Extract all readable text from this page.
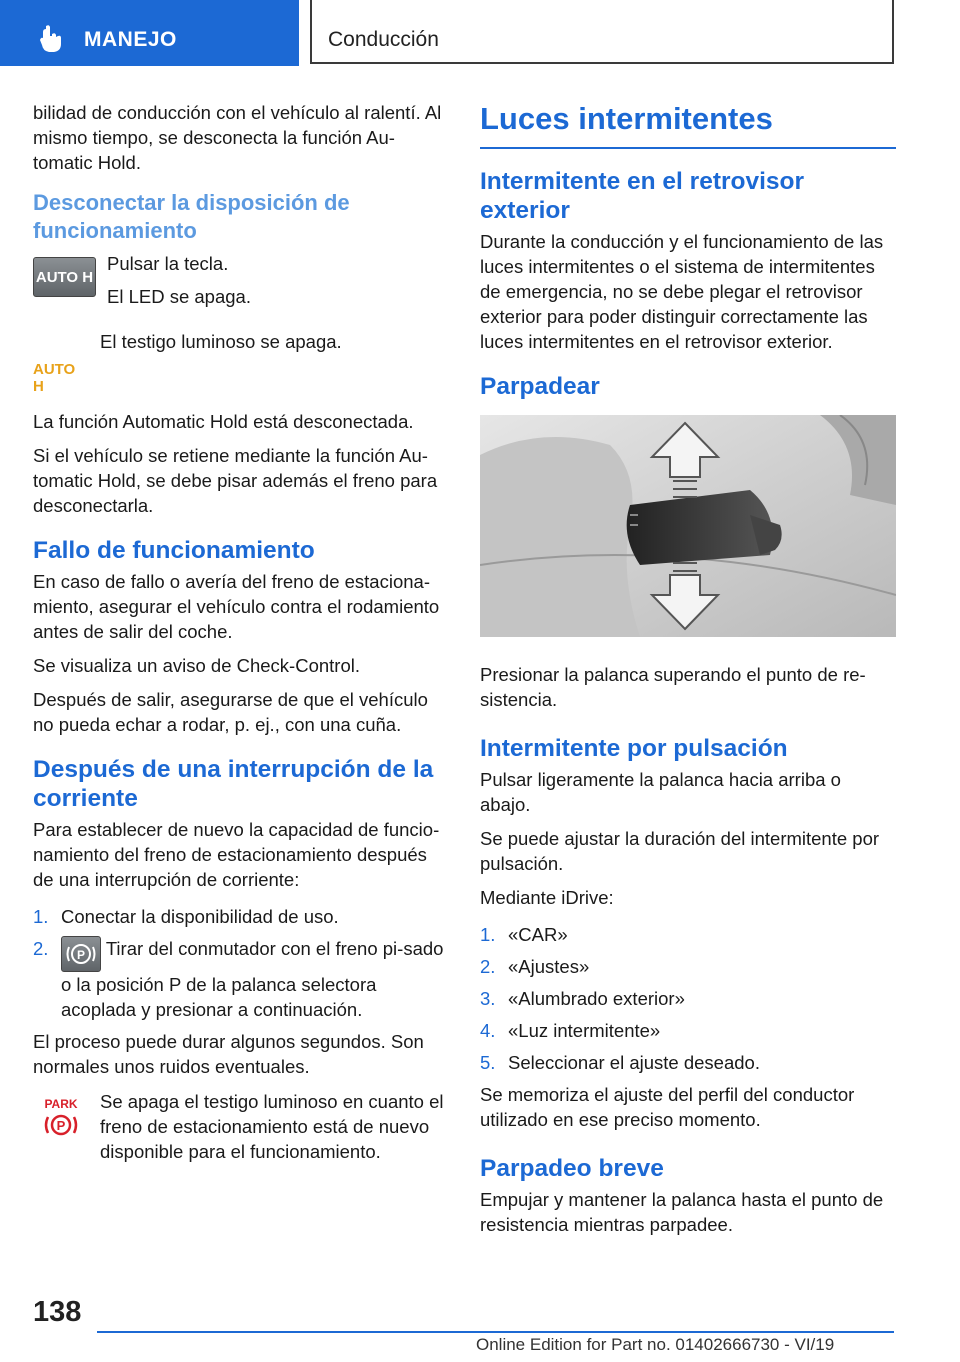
MANEJO	Conducción

bilidad de conducción con el vehículo al ralentí. Al mismo tiempo, se desconecta la función Au‐tomatic Hold.

Desconectar la disposición de funcionamiento
AUTO H

Pulsar la tecla.

El LED se apaga.

AUTO H

El testigo luminoso se apaga.

La función Automatic Hold está desconectada.

Si el vehículo se retiene mediante la función Au‐tomatic Hold, se debe pisar además el freno para desconectarla.

Fallo de funcionamiento

En caso de fallo o avería del freno de estaciona‐miento, asegurar el vehículo contra el rodamiento antes de salir del coche.

Se visualiza un aviso de Check-Control.

Después de salir, asegurarse de que el vehículo no pueda echar a rodar, p. ej., con una cuña.

Después de una interrupción de la corriente

Para establecer de nuevo la capacidad de funcio‐namiento del freno de estacionamiento después de una interrupción de corriente:

1. Conectar la disponibilidad de uso.
2.	P Tirar del conmutador con el freno pi‐sado o la posición P de la palanca selectora acoplada y presionar a continuación.

El proceso puede durar algunos segundos. Son normales unos ruidos eventuales.

PARK
P

Se apaga el testigo luminoso en cuanto el freno de estacionamiento está de nuevo disponible para el funcionamiento.

Luces intermitentes
Intermitente en el retrovisor exterior

Durante la conducción y el funcionamiento de las luces intermitentes o el sistema de intermitentes de emergencia, no se debe plegar el retrovisor exterior para poder distinguir correctamente las luces intermitentes en el retrovisor exterior.

Parpadear

Presionar la palanca superando el punto de re‐sistencia.

Intermitente por pulsación

Pulsar ligeramente la palanca hacia arriba o abajo.

Se puede ajustar la duración del intermitente por pulsación.

Mediante iDrive:

1. «CAR»
2. «Ajustes»
3. «Alumbrado exterior»
4. «Luz intermitente»
5. Seleccionar el ajuste deseado.

Se memoriza el ajuste del perfil del conductor utilizado en ese preciso momento.

Parpadeo breve

Empujar y mantener la palanca hasta el punto de resistencia mientras parpadee.

138
Online Edition for Part no. 01402666730 - VI/19
